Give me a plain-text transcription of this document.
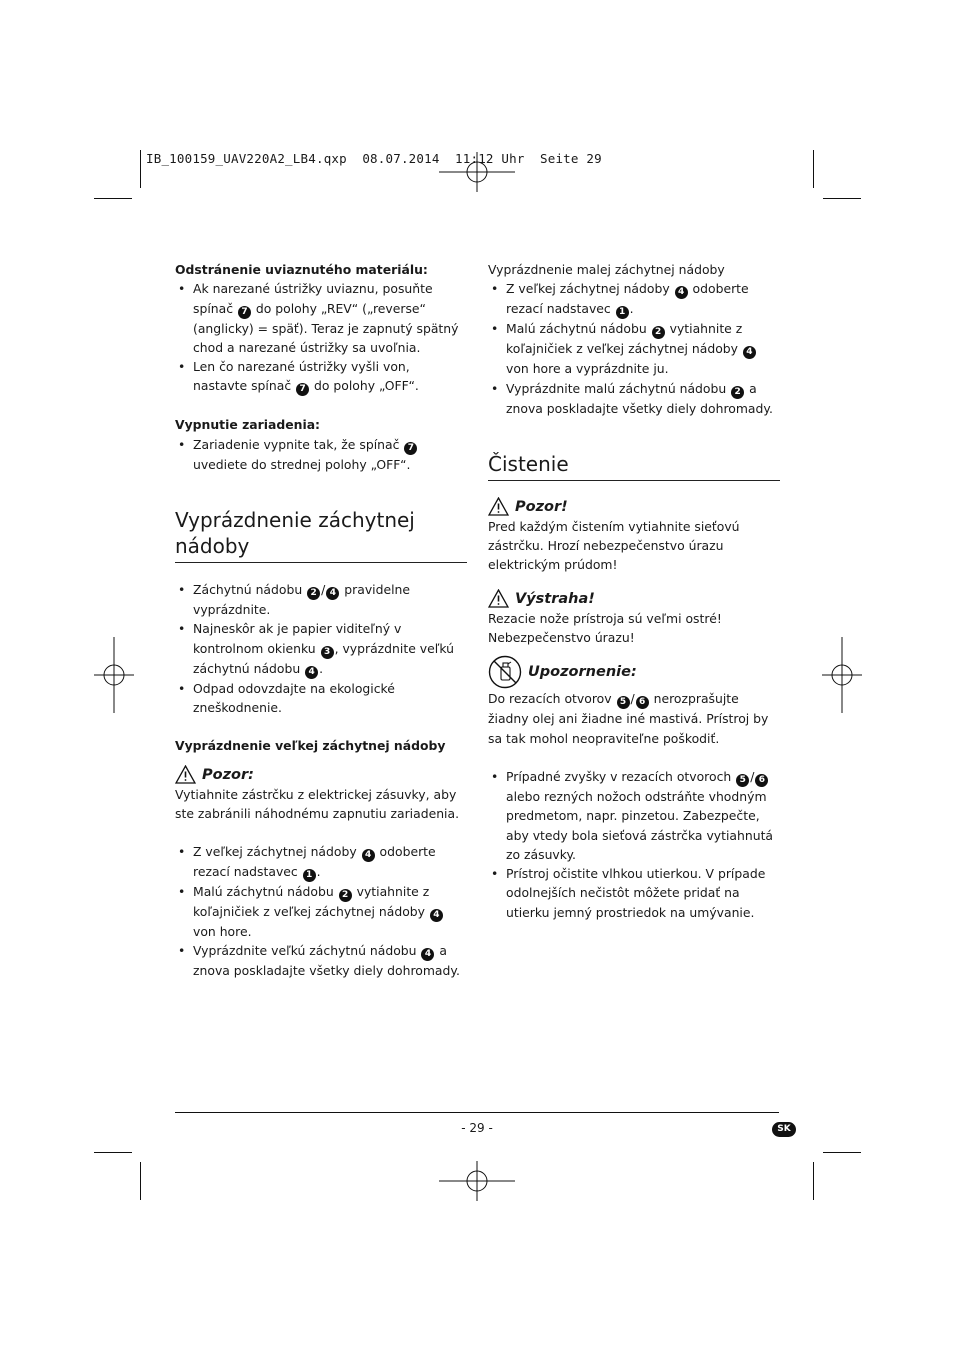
IB_100159_UAV220A2_LB4.qxp  08.07.2014  11:12 Uhr  Seite 29

Odstránenie uviaznutého materiálu:

• Ak narezané ústrižky uviaznu, posuňte spínač 7 do polohy „REV“ („reverse“ (anglicky) = späť). Teraz je zapnutý spätný chod a narezané ústrižky sa uvoľnia.

• Len čo narezané ústrižky vyšli von, nastavte spínač 7 do polohy „OFF“.

Vypnutie zariadenia:

• Zariadenie vypnite tak, že spínač 7 uvediete do strednej polohy „OFF“.

Vyprázdnenie záchytnej nádoby

• Záchytnú nádobu 2 / 4 pravidelne vyprázdnite.

• Najneskôr ak je papier viditeľný v kontrolnom okienku 3 , vyprázdnite veľkú záchytnú nádobu 4 .

• Odpad odovzdajte na ekologické zneškodnenie.

Vyprázdnenie veľkej záchytnej nádoby

Pozor:

Vytiahnite zástrčku z elektrickej zásuvky, aby ste zabránili náhodnému zapnutiu zariadenia.

• Z veľkej záchytnej nádoby 4 odoberte rezací nadstavec 1 .

• Malú záchytnú nádobu 2 vytiahnite z koľajničiek z veľkej záchytnej nádoby 4 von hore.

• Vyprázdnite veľkú záchytnú nádobu 4 a znova poskladajte všetky diely dohromady.

Vyprázdnenie malej záchytnej nádoby

• Z veľkej záchytnej nádoby 4 odoberte rezací nadstavec 1 .

• Malú záchytnú nádobu 2 vytiahnite z koľajničiek z veľkej záchytnej nádoby 4 von hore a vyprázdnite ju.

• Vyprázdnite malú záchytnú nádobu 2 a znova poskladajte všetky diely dohromady.

Čistenie
Pozor!

Pred každým čistením vytiahnite sieťovú zástrčku. Hrozí nebezpečenstvo úrazu elektrickým prúdom!

Výstraha!

Rezacie nože prístroja sú veľmi ostré! Nebezpečenstvo úrazu!

Upozornenie:

Do rezacích otvorov 5 / 6 nerozprašujte žiadny olej ani žiadne iné mastivá. Prístroj by sa tak mohol neopraviteľne poškodiť.

• Prípadné zvyšky v rezacích otvoroch 5 / 6 alebo rezných nožoch odstráňte vhodným predmetom, napr. pinzetou. Zabezpečte, aby vtedy bola sieťová zástrčka vytiahnutá zo zásuvky.

• Prístroj očistite vlhkou utierkou. V prípade odolnejších nečistôt môžete pridať na utierku jemný prostriedok na umývanie.

- 29 -	SK
